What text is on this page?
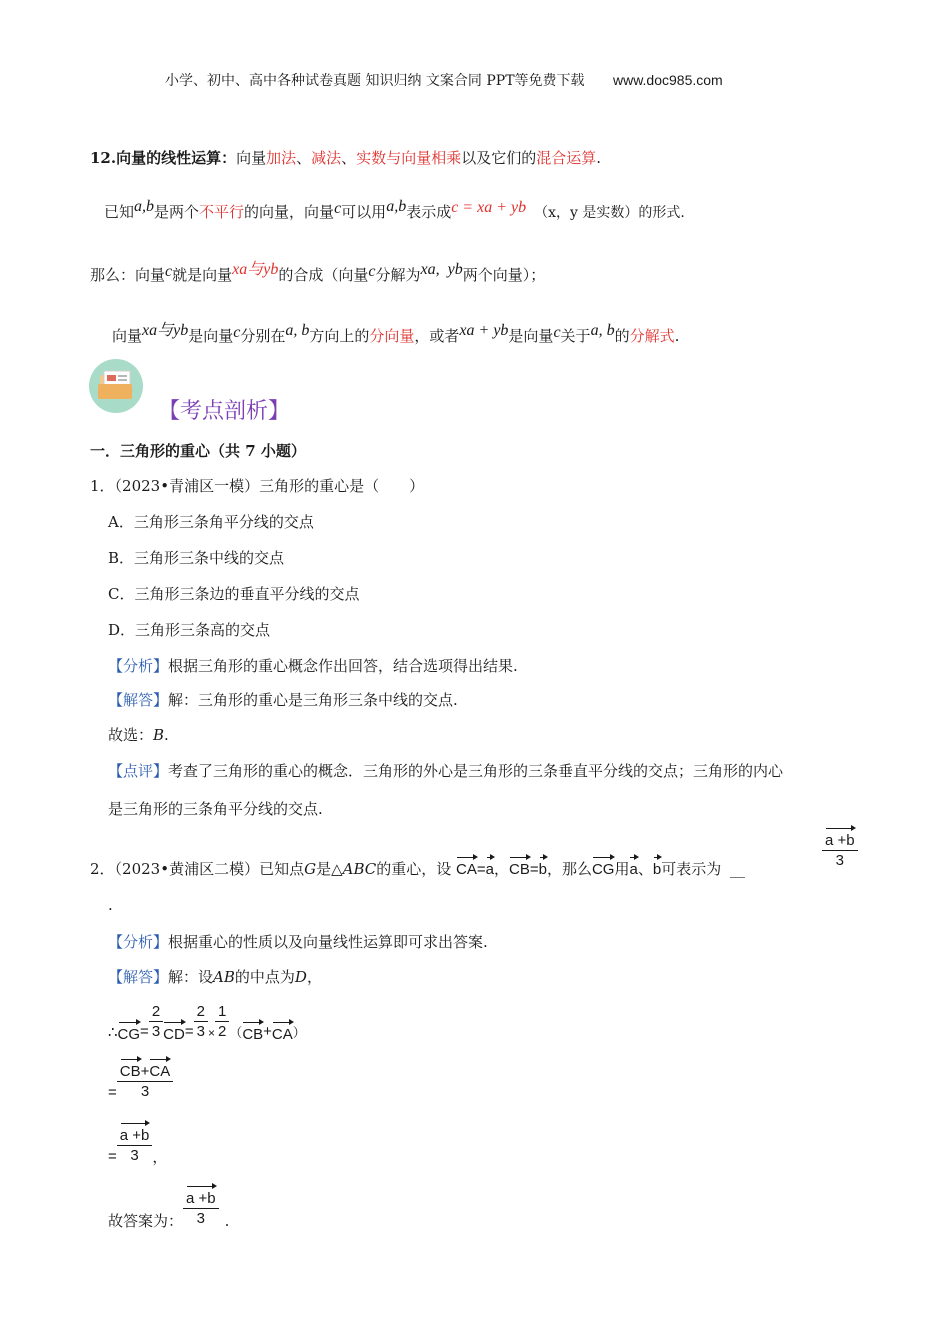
小学、初中、高中各种试卷真题 知识归纳 文案合同 PPT等免费下载 www.doc985.com
12.向量的线性运算：向量加法、减法、实数与向量相乘以及它们的混合运算.
已知a,b是两个不平行的向量，向量c可以用a,b表示成c = xa + yb （x，y 是实数）的形式.
那么：向量c就是向量xa与yb的合成（向量c分解为xa, yb两个向量）；
向量xa与yb是向量c分别在a, b方向上的分向量，或者xa + yb是向量c关于a, b的分解式.
【考点剖析】
一．三角形的重心（共 7 小题）
1．（2023•青浦区一模）三角形的重心是（　　）
A．三角形三条角平分线的交点
B．三角形三条中线的交点
C．三角形三条边的垂直平分线的交点
D．三角形三条高的交点
【分析】根据三角形的重心概念作出回答，结合选项得出结果.
【解答】解：三角形的重心是三角形三条中线的交点.
故选：B.
【点评】考查了三角形的重心的概念．三角形的外心是三角形的三条垂直平分线的交点；三角形的内心
是三角形的三条角平分线的交点.
2．（2023•黄浦区二模）已知点G是△ABC的重心，设 CA=a，CB=b，那么CG用a、b可表示为 __	$\frac{a +b}{3}$
.
【分析】根据重心的性质以及向量线性运算即可求出答案.
【解答】解：设AB的中点为D，
∴ CG = $\frac{2}{3}$ CD = $\frac{2}{3} \times \frac{1}{2}$ （ CB + CA ）
= $\frac{CB+CA}{3}$
= $\frac{a +b}{3}$ ，
故答案为： $\frac{a +b}{3}$ .
